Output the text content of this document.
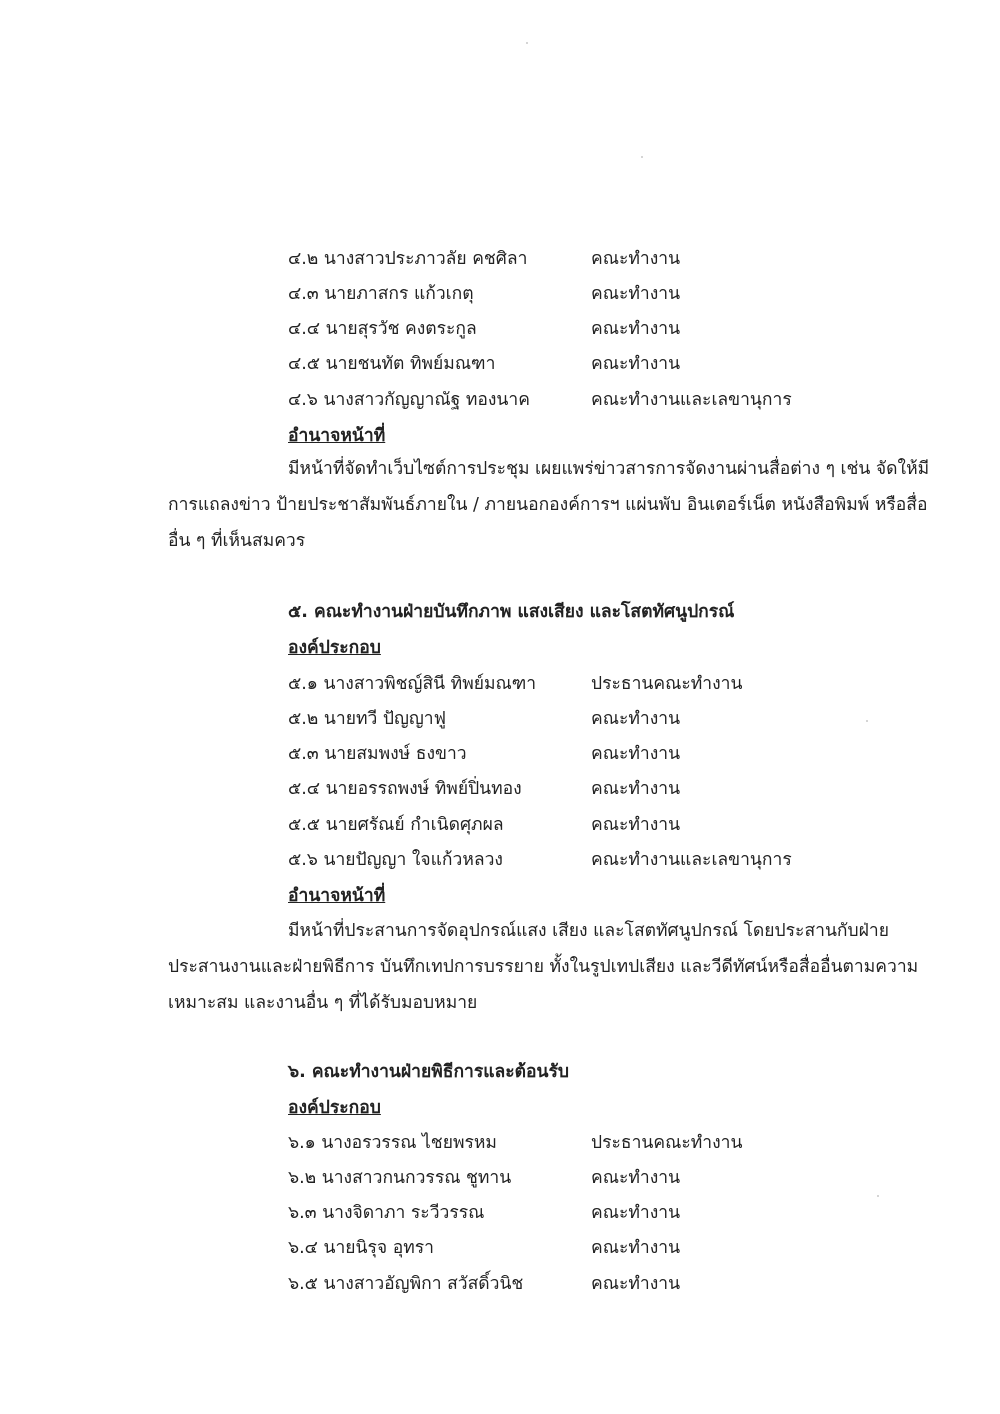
๔.๒ นางสาวประภาวลัย คชศิลา	คณะทำงาน
๔.๓ นายภาสกร แก้วเกตุ	คณะทำงาน
๔.๔ นายสุรวัช คงตระกูล	คณะทำงาน
๔.๕ นายชนทัต ทิพย์มณฑา	คณะทำงาน
๔.๖ นางสาวกัญญาณัฐ ทองนาค	คณะทำงานและเลขานุการ
อำนาจหน้าที่
มีหน้าที่จัดทำเว็บไซต์การประชุม เผยแพร่ข่าวสารการจัดงานผ่านสื่อต่าง ๆ เช่น จัดให้มี
การแถลงข่าว ป้ายประชาสัมพันธ์ภายใน / ภายนอกองค์การฯ แผ่นพับ อินเตอร์เน็ต หนังสือพิมพ์ หรือสื่อ
อื่น ๆ ที่เห็นสมควร
๕. คณะทำงานฝ่ายบันทึกภาพ แสงเสียง และโสตทัศนูปกรณ์
องค์ประกอบ
๕.๑ นางสาวพิชญ์สินี ทิพย์มณฑา	ประธานคณะทำงาน
๕.๒ นายทวี ปัญญาฟู	คณะทำงาน
๕.๓ นายสมพงษ์ ธงขาว	คณะทำงาน
๕.๔ นายอรรถพงษ์ ทิพย์ปิ่นทอง	คณะทำงาน
๕.๕ นายศรัณย์ กำเนิดศุภผล	คณะทำงาน
๕.๖ นายปัญญา ใจแก้วหลวง	คณะทำงานและเลขานุการ
อำนาจหน้าที่
มีหน้าที่ประสานการจัดอุปกรณ์แสง เสียง และโสตทัศนูปกรณ์ โดยประสานกับฝ่าย
ประสานงานและฝ่ายพิธีการ บันทึกเทปการบรรยาย ทั้งในรูปเทปเสียง และวีดีทัศน์หรือสื่ออื่นตามความ
เหมาะสม และงานอื่น ๆ ที่ได้รับมอบหมาย
๖. คณะทำงานฝ่ายพิธีการและต้อนรับ
องค์ประกอบ
๖.๑ นางอรวรรณ ไชยพรหม	ประธานคณะทำงาน
๖.๒ นางสาวกนกวรรณ ชูทาน	คณะทำงาน
๖.๓ นางจิดาภา ระวีวรรณ	คณะทำงาน
๖.๔ นายนิรุจ อุทรา	คณะทำงาน
๖.๕ นางสาวอัญพิกา สวัสดิ์วนิช	คณะทำงาน
